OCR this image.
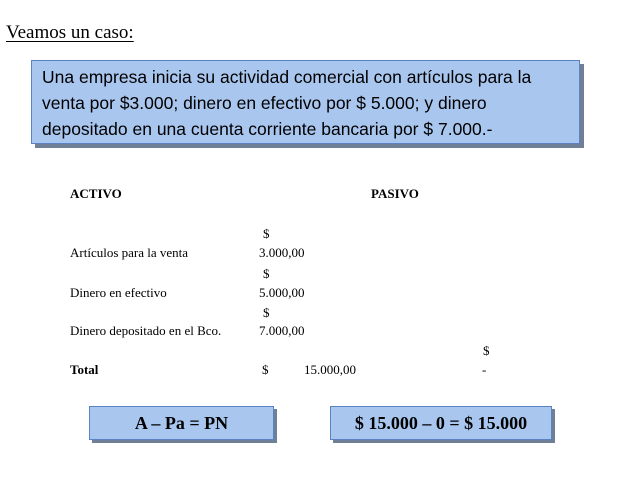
Veamos un caso:
Una empresa inicia su actividad comercial con artículos para la venta por $3.000; dinero en efectivo por $ 5.000; y dinero depositado en una cuenta corriente bancaria por $ 7.000.-
ACTIVO	PASIVO
$
Artículos para la venta	3.000,00
$
Dinero en efectivo	5.000,00
$
Dinero depositado en el Bco.	7.000,00
$
Total	$	15.000,00	-
A – Pa = PN	$ 15.000 – 0 = $ 15.000
